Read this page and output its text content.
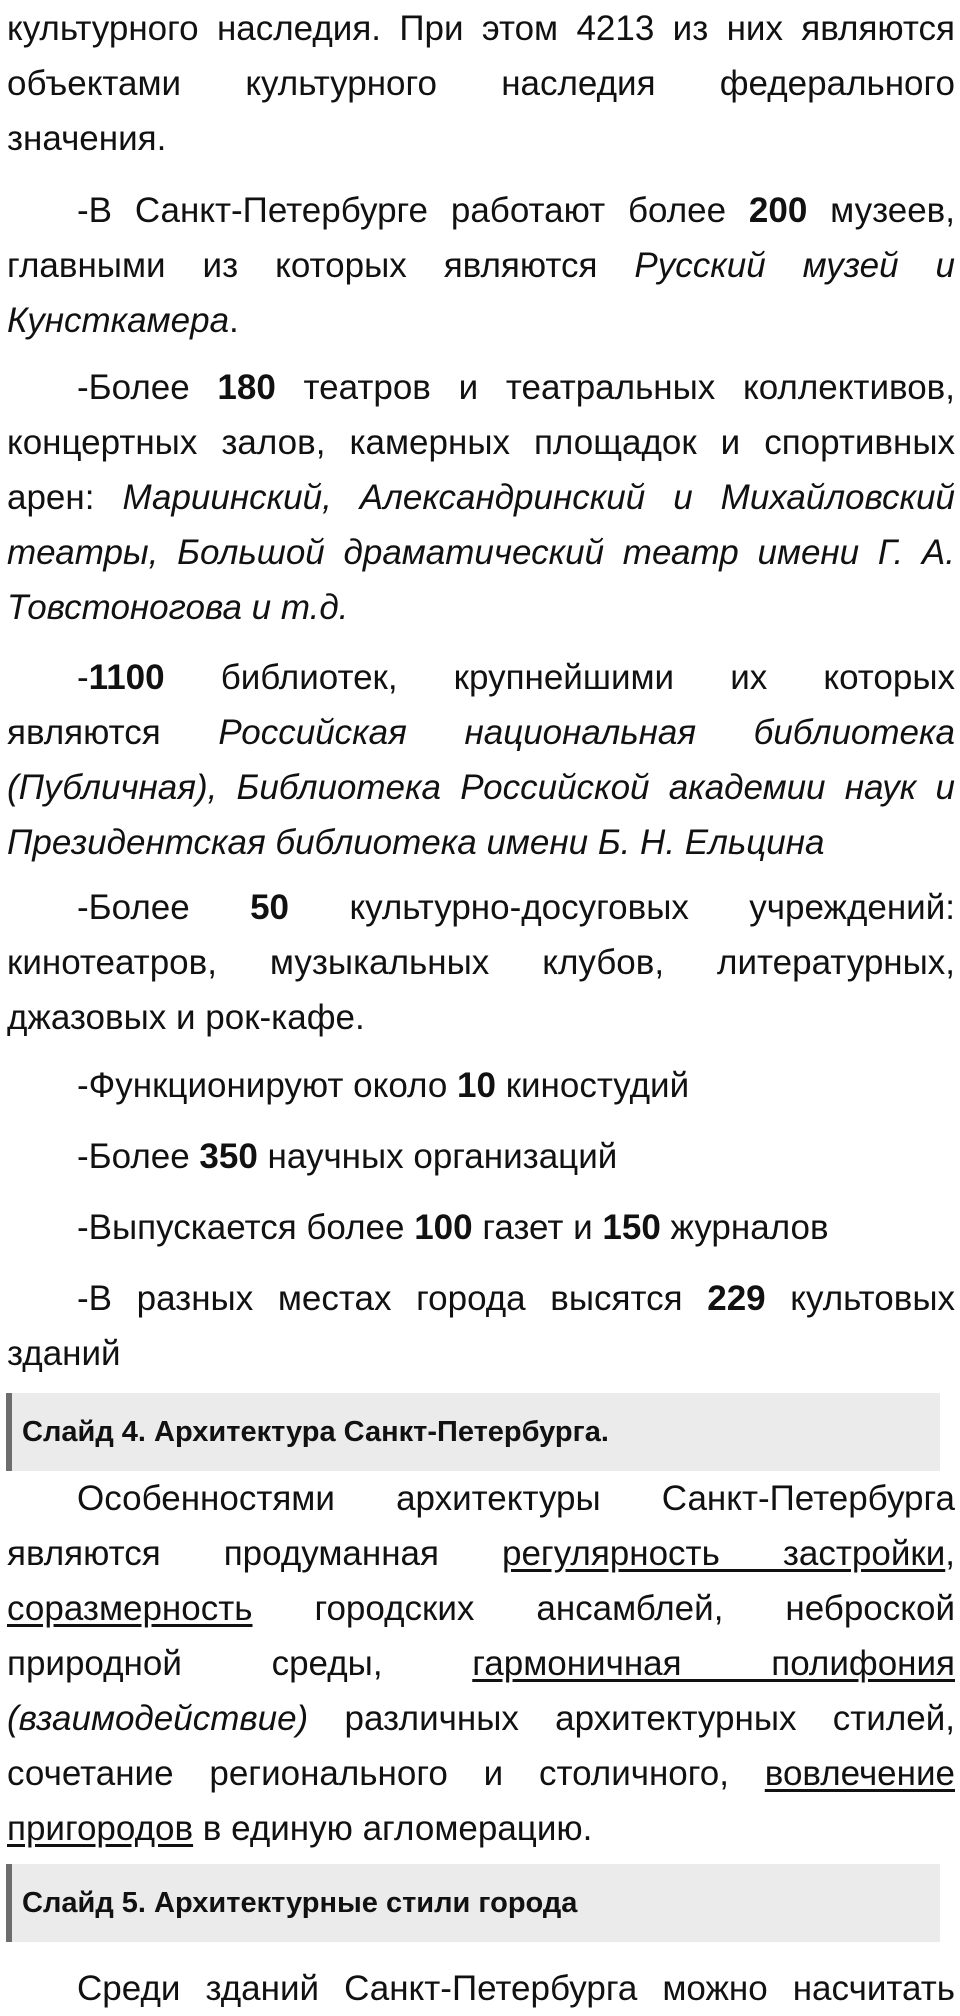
культурного наследия. При этом 4213 из них являются
объектами культурного наследия федерального
значения.
-В Санкт-Петербурге работают более 200 музеев,
главными из которых являются Русский музей и
Кунсткамера.
-Более 180 театров и театральных коллективов,
концертных залов, камерных площадок и спортивных
арен: Мариинский, Александринский и Михайловский
театры, Большой драматический театр имени Г. А.
Товстоногова и т.д.
-1100 библиотек, крупнейшими их которых
являются Российская национальная библиотека
(Публичная), Библиотека Российской академии наук и
Президентская библиотека имени Б. Н. Ельцина
-Более 50 культурно-досуговых учреждений:
кинотеатров, музыкальных клубов, литературных,
джазовых и рок-кафе.
-Функционируют около 10 киностудий
-Более 350 научных организаций
-Выпускается более 100 газет и 150 журналов
-В разных местах города высятся 229 культовых
зданий
Слайд 4. Архитектура Санкт-Петербурга.
Особенностями архитектуры Санкт-Петербурга
являются продуманная регулярность застройки,
соразмерность городских ансамблей, неброской
природной среды, гармоничная полифония
(взаимодействие) различных архитектурных стилей,
сочетание регионального и столичного, вовлечение
пригородов в единую агломерацию.
Слайд 5. Архитектурные стили города
Среди зданий Санкт-Петербурга можно насчитать
